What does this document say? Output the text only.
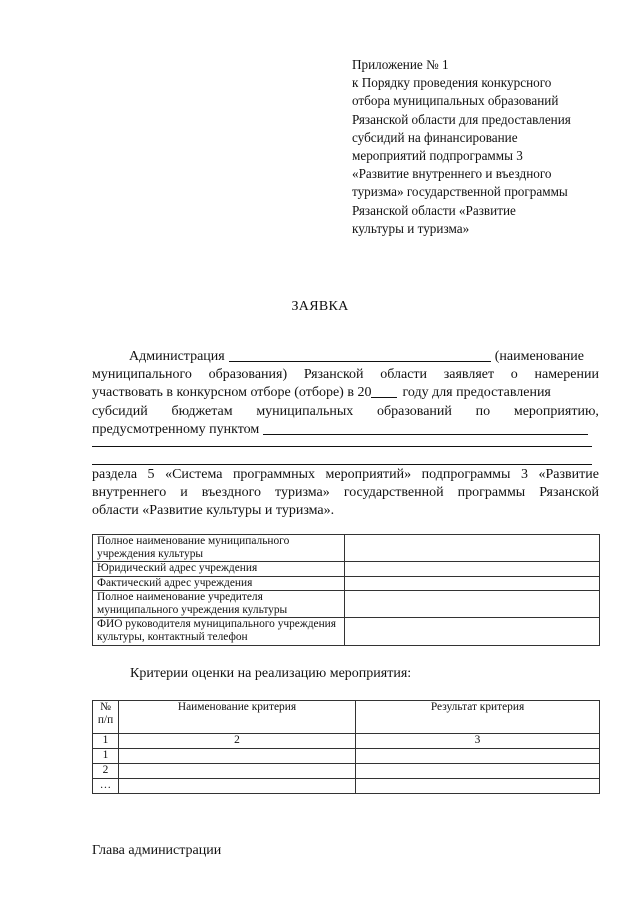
Приложение № 1
к Порядку проведения конкурсного
отбора муниципальных образований
Рязанской области для предоставления
субсидий на финансирование
мероприятий подпрограммы 3
«Развитие внутреннего и въездного
туризма» государственной программы
Рязанской области «Развитие
культуры и туризма»
ЗАЯВКА
Администрация	(наименование
муниципального образования) Рязанской области заявляет о намерении
участвовать в конкурсном отборе (отборе) в 20 году для предоставления
субсидий бюджетам муниципальных образований по мероприятию,
предусмотренному пунктом
раздела 5 «Система программных мероприятий» подпрограммы 3 «Развитие
внутреннего и въездного туризма» государственной программы Рязанской
области «Развитие культуры и туризма».
Полное наименование муниципального учреждения культуры	
Юридический адрес учреждения	
Фактический адрес учреждения	
Полное наименование учредителя муниципального учреждения культуры	
ФИО руководителя муниципального учреждения культуры, контактный телефон	
Критерии оценки на реализацию мероприятия:
№ п/п	Наименование критерия	Результат критерия
1	2	3
1		
2		
…		
Глава администрации
